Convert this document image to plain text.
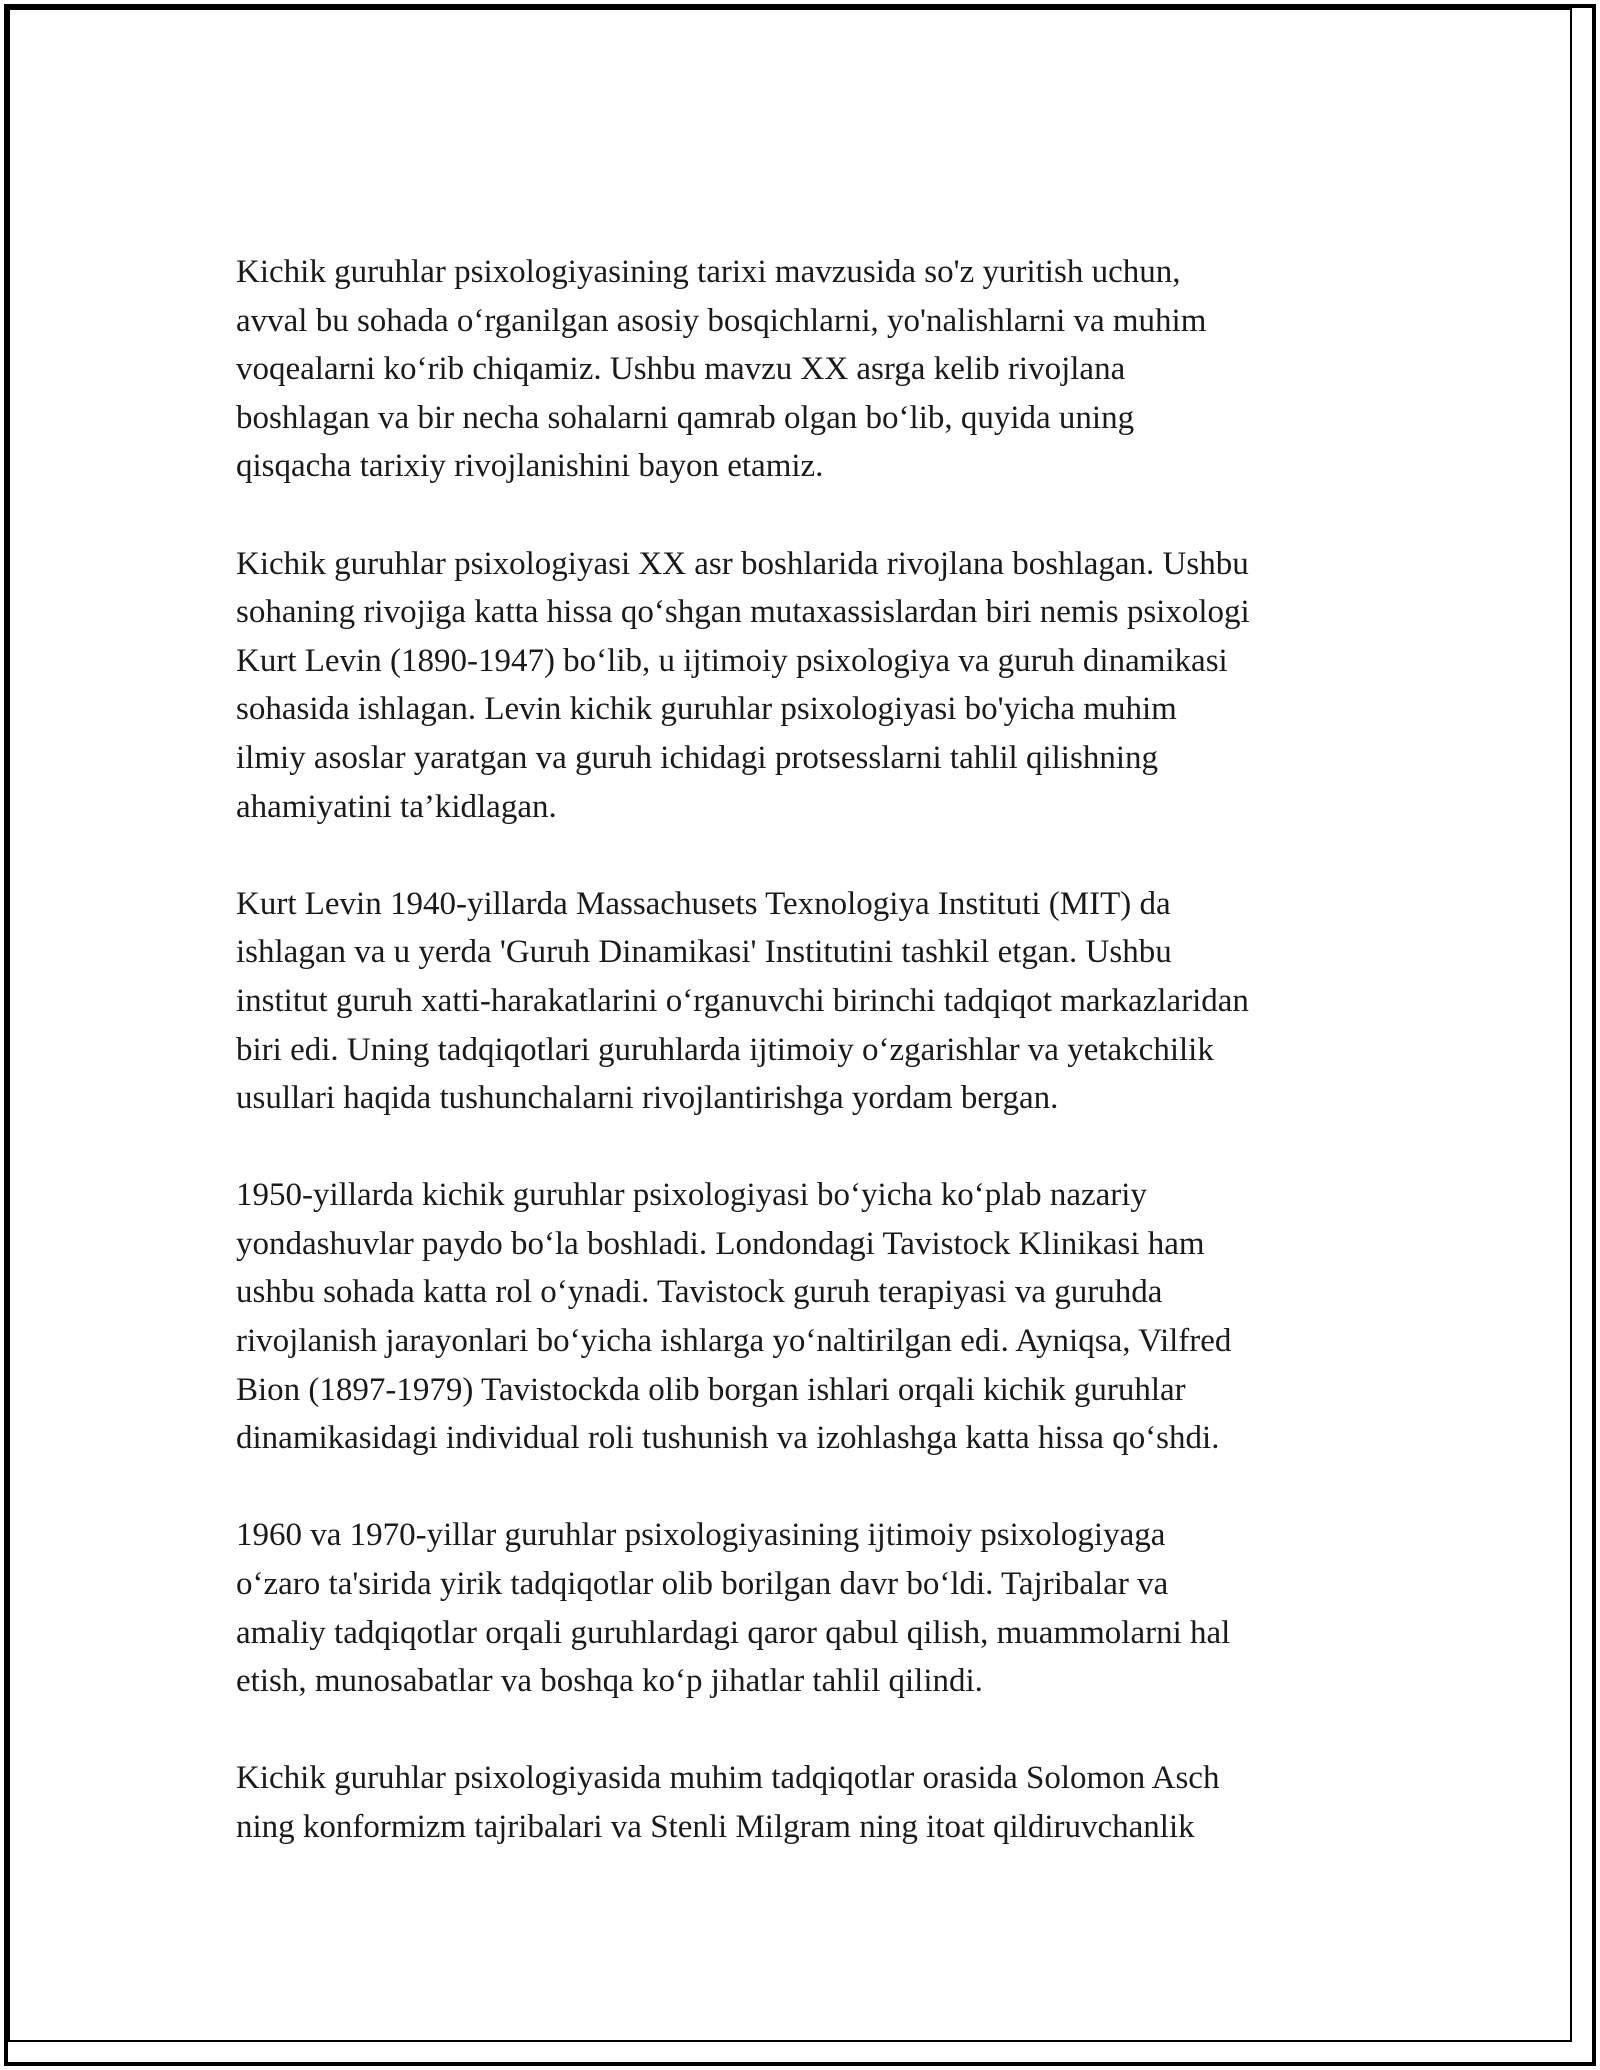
Kichik guruhlar psixologiyasining tarixi mavzusida so'z yuritish uchun,
avval bu sohada o‘rganilgan asosiy bosqichlarni, yo'nalishlarni va muhim
voqealarni ko‘rib chiqamiz. Ushbu mavzu XX asrga kelib rivojlana
boshlagan va bir necha sohalarni qamrab olgan bo‘lib, quyida uning
qisqacha tarixiy rivojlanishini bayon etamiz.

Kichik guruhlar psixologiyasi XX asr boshlarida rivojlana boshlagan. Ushbu
sohaning rivojiga katta hissa qo‘shgan mutaxassislardan biri nemis psixologi
Kurt Levin (1890-1947) bo‘lib, u ijtimoiy psixologiya va guruh dinamikasi
sohasida ishlagan. Levin kichik guruhlar psixologiyasi bo'yicha muhim
ilmiy asoslar yaratgan va guruh ichidagi protsesslarni tahlil qilishning
ahamiyatini ta’kidlagan.

Kurt Levin 1940-yillarda Massachusets Texnologiya Instituti (MIT) da
ishlagan va u yerda 'Guruh Dinamikasi' Institutini tashkil etgan. Ushbu
institut guruh xatti-harakatlarini o‘rganuvchi birinchi tadqiqot markazlaridan
biri edi. Uning tadqiqotlari guruhlarda ijtimoiy o‘zgarishlar va yetakchilik
usullari haqida tushunchalarni rivojlantirishga yordam bergan.

1950-yillarda kichik guruhlar psixologiyasi bo‘yicha ko‘plab nazariy
yondashuvlar paydo bo‘la boshladi. Londondagi Tavistock Klinikasi ham
ushbu sohada katta rol o‘ynadi. Tavistock guruh terapiyasi va guruhda
rivojlanish jarayonlari bo‘yicha ishlarga yo‘naltirilgan edi. Ayniqsa, Vilfred
Bion (1897-1979) Tavistockda olib borgan ishlari orqali kichik guruhlar
dinamikasidagi individual roli tushunish va izohlashga katta hissa qo‘shdi.

1960 va 1970-yillar guruhlar psixologiyasining ijtimoiy psixologiyaga
o‘zaro ta'sirida yirik tadqiqotlar olib borilgan davr bo‘ldi. Tajribalar va
amaliy tadqiqotlar orqali guruhlardagi qaror qabul qilish, muammolarni hal
etish, munosabatlar va boshqa ko‘p jihatlar tahlil qilindi.

Kichik guruhlar psixologiyasida muhim tadqiqotlar orasida Solomon Asch
ning konformizm tajribalari va Stenli Milgram ning itoat qildiruvchanlik
